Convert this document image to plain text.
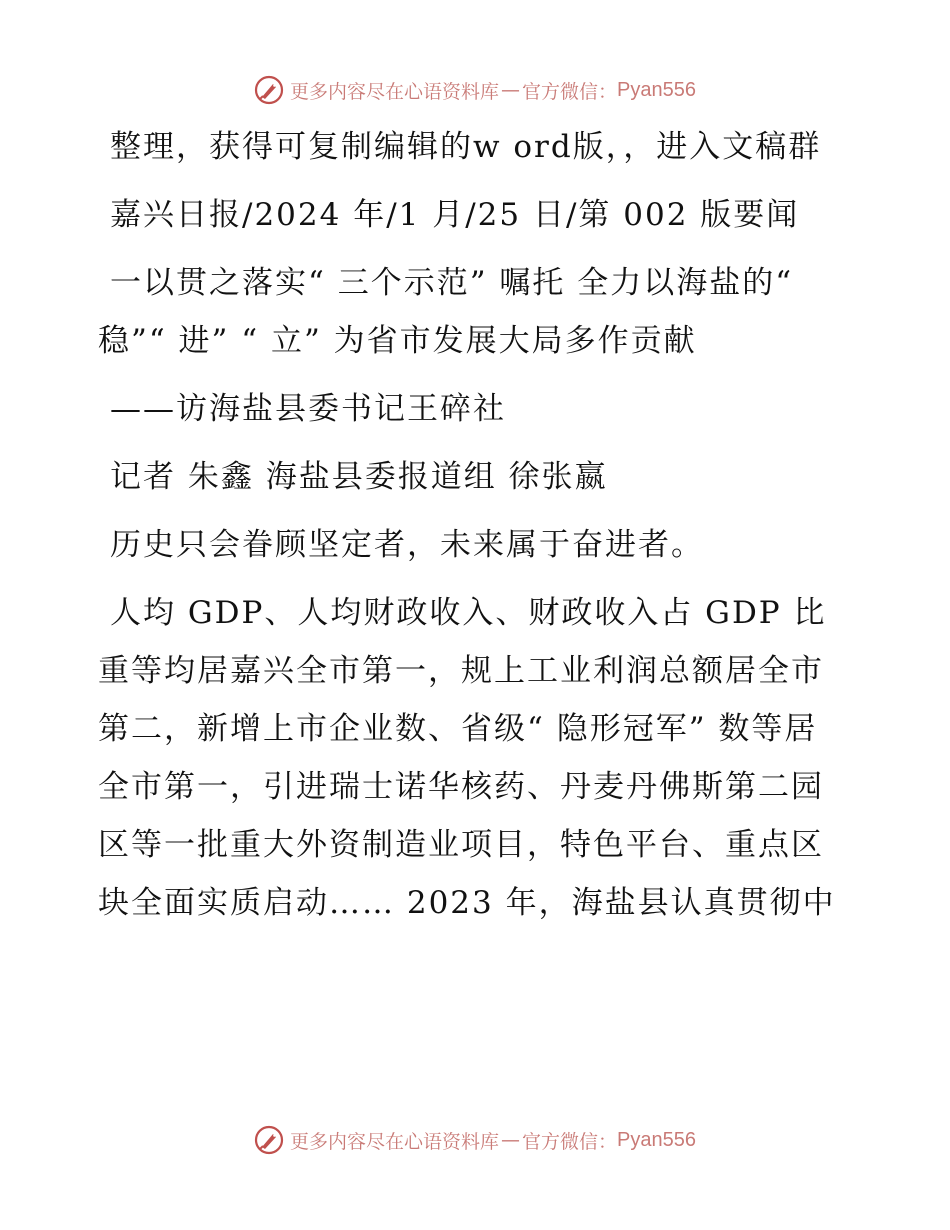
更多内容尽在心语资料库 — 官方微信： Pyan556

整理，获得可复制编辑的w ord版，，进入文稿群

嘉兴日报/2024 年/1 月/25 日/第 002 版要闻

一以贯之落实“ 三个示范” 嘱托 全力以海盐的“ 稳”“ 进” “ 立” 为省市发展大局多作贡献

——访海盐县委书记王碎社

记者 朱鑫 海盐县委报道组 徐张嬴

历史只会眷顾坚定者，未来属于奋进者。

人均 GDP、人均财政收入、财政收入占 GDP 比重等均居嘉兴全市第一，规上工业利润总额居全市第二，新增上市企业数、省级“ 隐形冠军” 数等居全市第一，引进瑞士诺华核药、丹麦丹佛斯第二园区等一批重大外资制造业项目，特色平台、重点区块全面实质启动…… 2023 年，海盐县认真贯彻中

更多内容尽在心语资料库 — 官方微信： Pyan556
